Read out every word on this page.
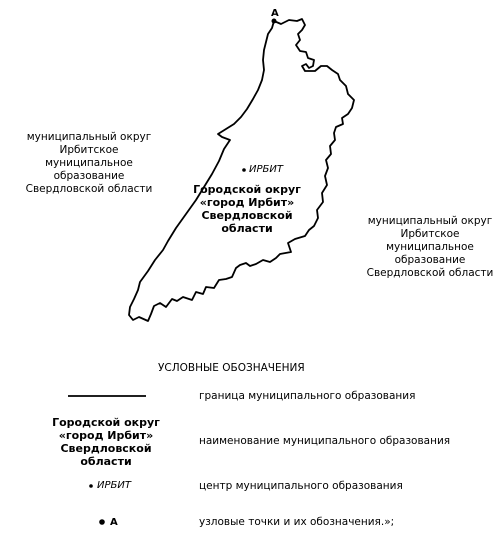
А
ИРБИТ
Городской округ
«город Ирбит»
Свердловской
области
муниципальный округ
Ирбитское
муниципальное
образование
Свердловской области
муниципальный округ
Ирбитское
муниципальное
образование
Свердловской области
УСЛОВНЫЕ ОБОЗНАЧЕНИЯ
граница муниципального образования
Городской округ
«город Ирбит»
Свердловской
области
наименование муниципального образования
ИРБИТ	центр муниципального образования
А	узловые точки и их обозначения.»;
